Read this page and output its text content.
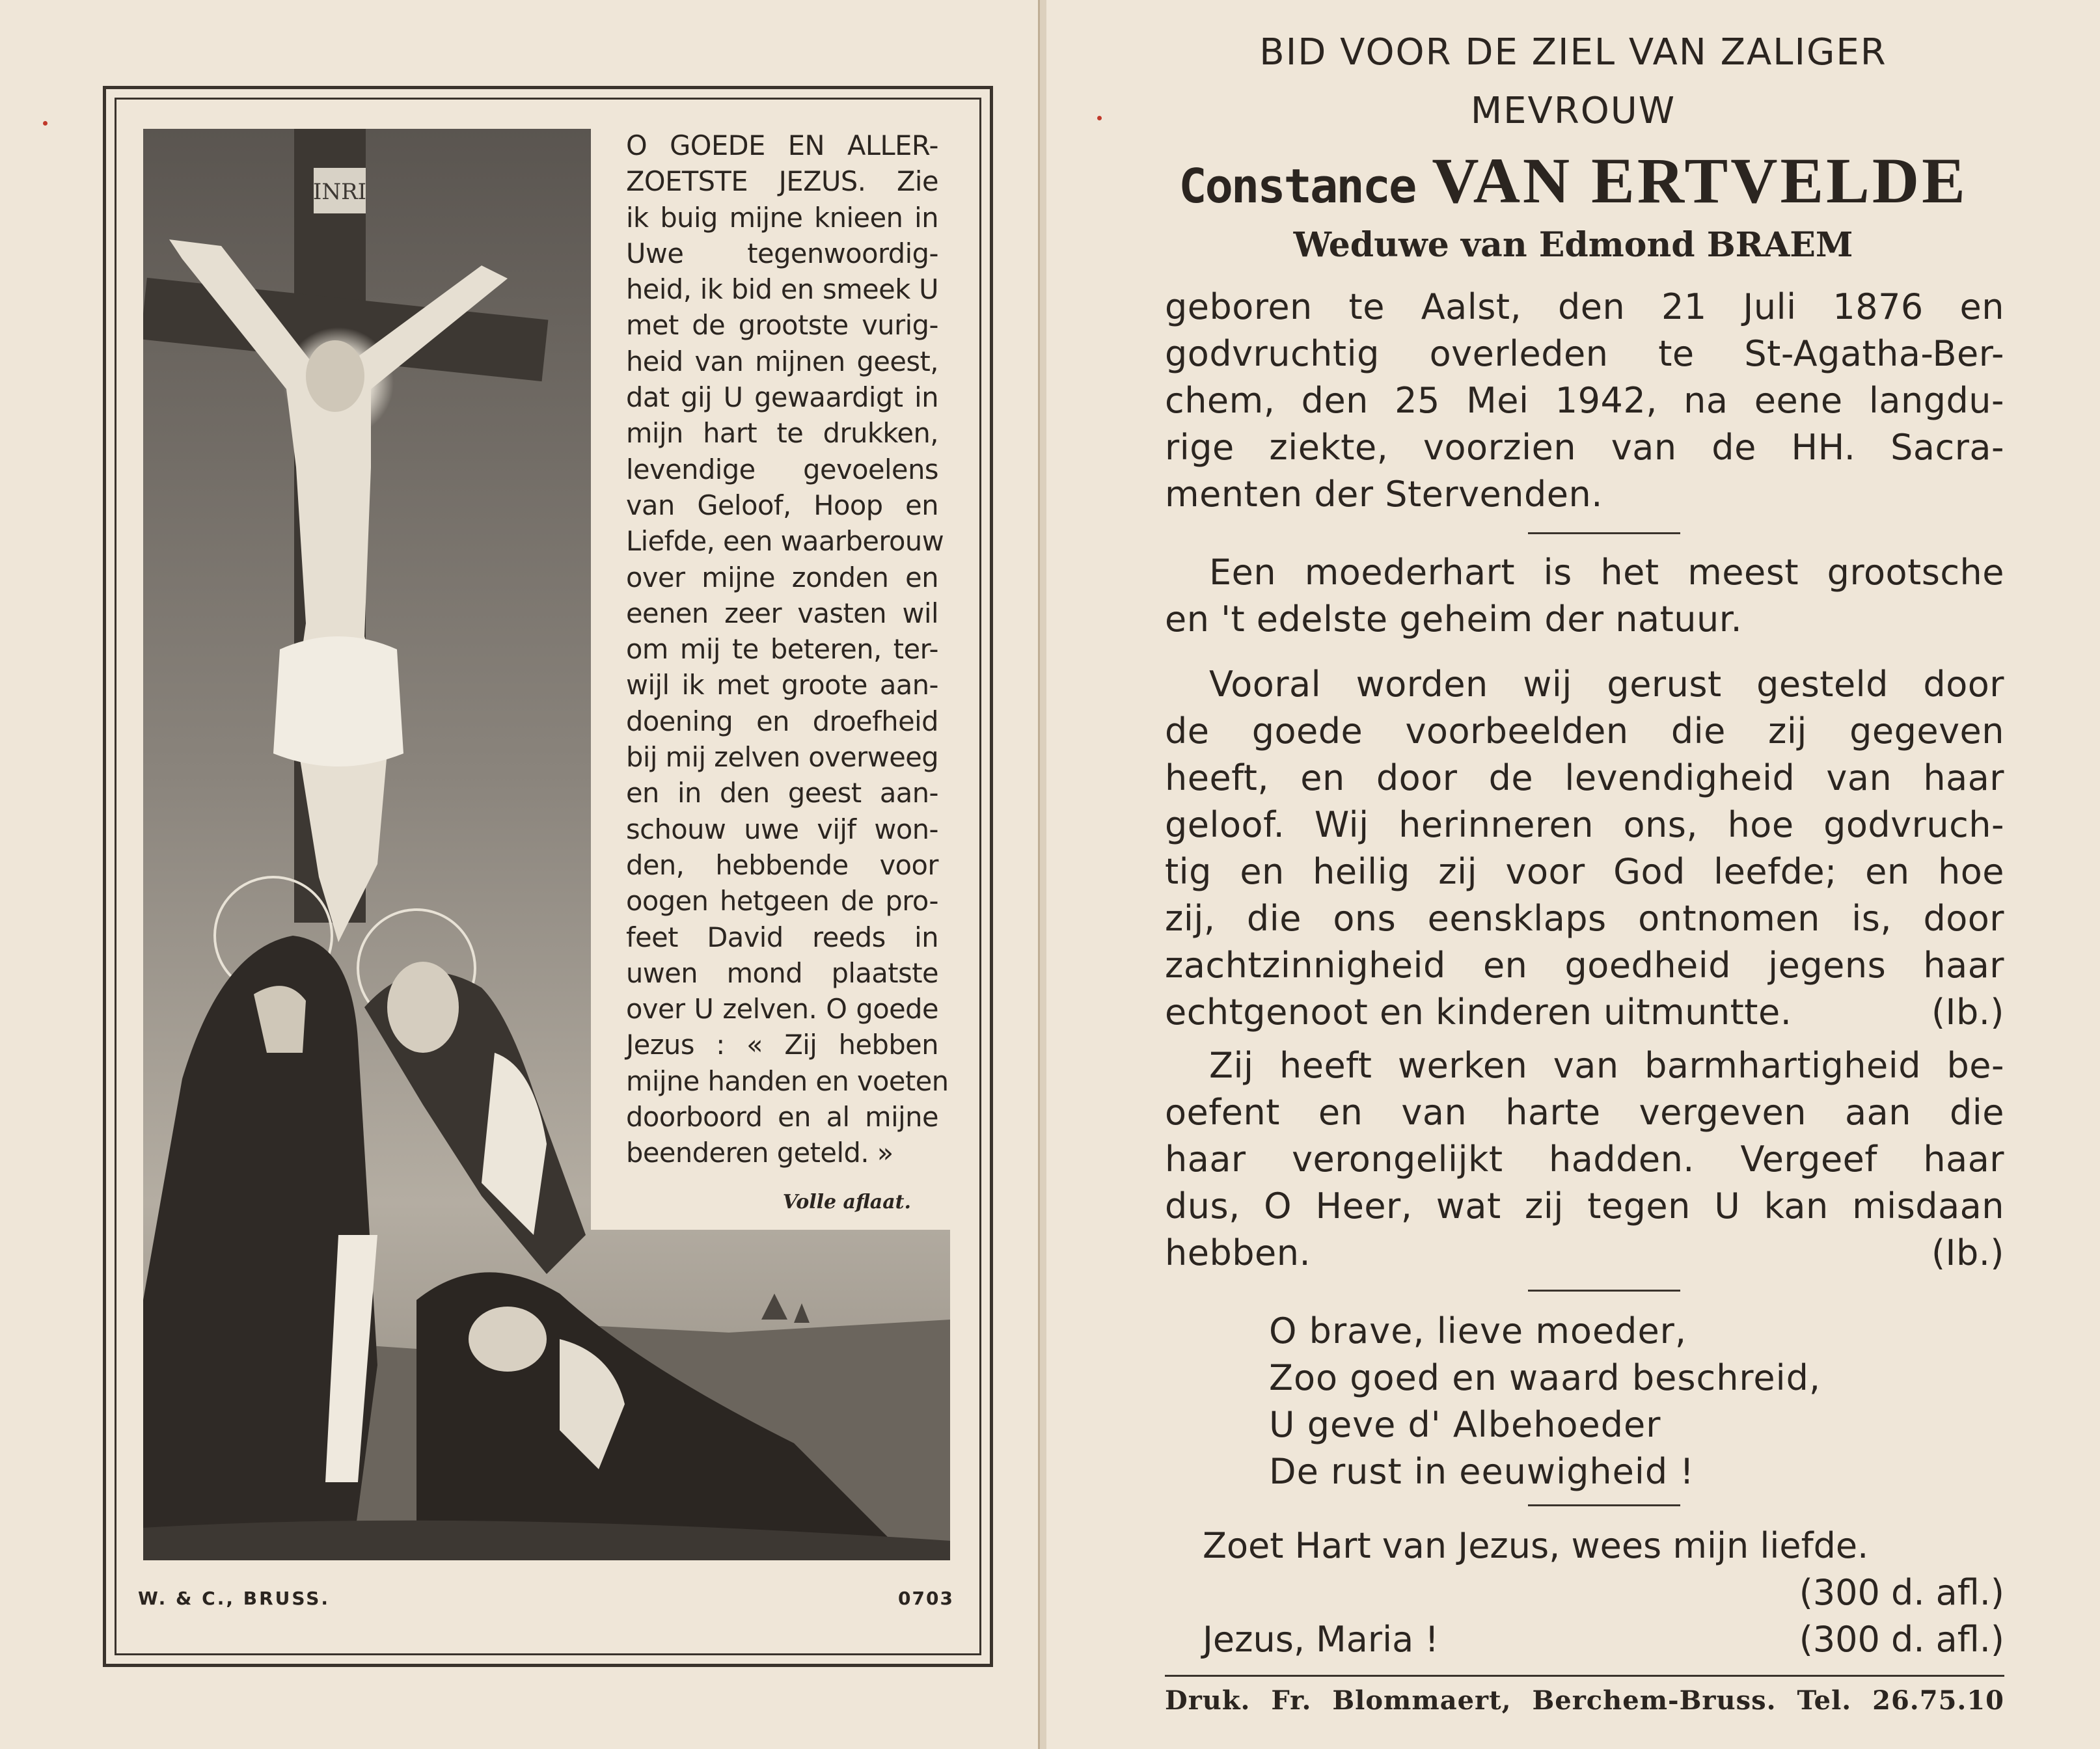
INRI
O GOEDE EN ALLER-
ZOETSTE JEZUS. Zie
ik buig mijne knieen in
Uwe tegenwoordig-
heid, ik bid en smeek U
met de grootste vurig-
heid van mijnen geest,
dat gij U gewaardigt in
mijn hart te drukken,
levendige gevoelens
van Geloof, Hoop en
Liefde, een waarberouw
over mijne zonden en
eenen zeer vasten wil
om mij te beteren, ter-
wijl ik met groote aan-
doening en droefheid
bij mij zelven overweeg
en in den geest aan-
schouw uwe vijf won-
den, hebbende voor
oogen hetgeen de pro-
feet David reeds in
uwen mond plaatste
over U zelven. O goede
Jezus : « Zij hebben
mijne handen en voeten
doorboord en al mijne
beenderen geteld. »
Volle aflaat.
W. & C., BRUSS.	0703
BID VOOR DE ZIEL VAN ZALIGER
MEVROUW
Constance VAN ERTVELDE
Weduwe van Edmond BRAEM
geboren te Aalst, den 21 Juli 1876 en
godvruchtig overleden te St-Agatha-Ber-
chem, den 25 Mei 1942, na eene langdu-
rige ziekte, voorzien van de HH. Sacra-
menten der Stervenden.
Een moederhart is het meest grootsche
en 't edelste geheim der natuur.
Vooral worden wij gerust gesteld door
de goede voorbeelden die zij gegeven
heeft, en door de levendigheid van haar
geloof. Wij herinneren ons, hoe godvruch-
tig en heilig zij voor God leefde; en hoe
zij, die ons eensklaps ontnomen is, door
zachtzinnigheid en goedheid jegens haar
echtgenoot en kinderen uitmuntte.	(Ib.)
Zij heeft werken van barmhartigheid be-
oefent en van harte vergeven aan die
haar verongelijkt hadden. Vergeef haar
dus, O Heer, wat zij tegen U kan misdaan
hebben.	(Ib.)
O brave, lieve moeder,
Zoo goed en waard beschreid,
U geve d' Albehoeder
De rust in eeuwigheid !
Zoet Hart van Jezus, wees mijn liefde.
(300 d. afl.)
Jezus, Maria !	(300 d. afl.)
Druk. Fr. Blommaert, Berchem-Bruss. Tel. 26.75.10
